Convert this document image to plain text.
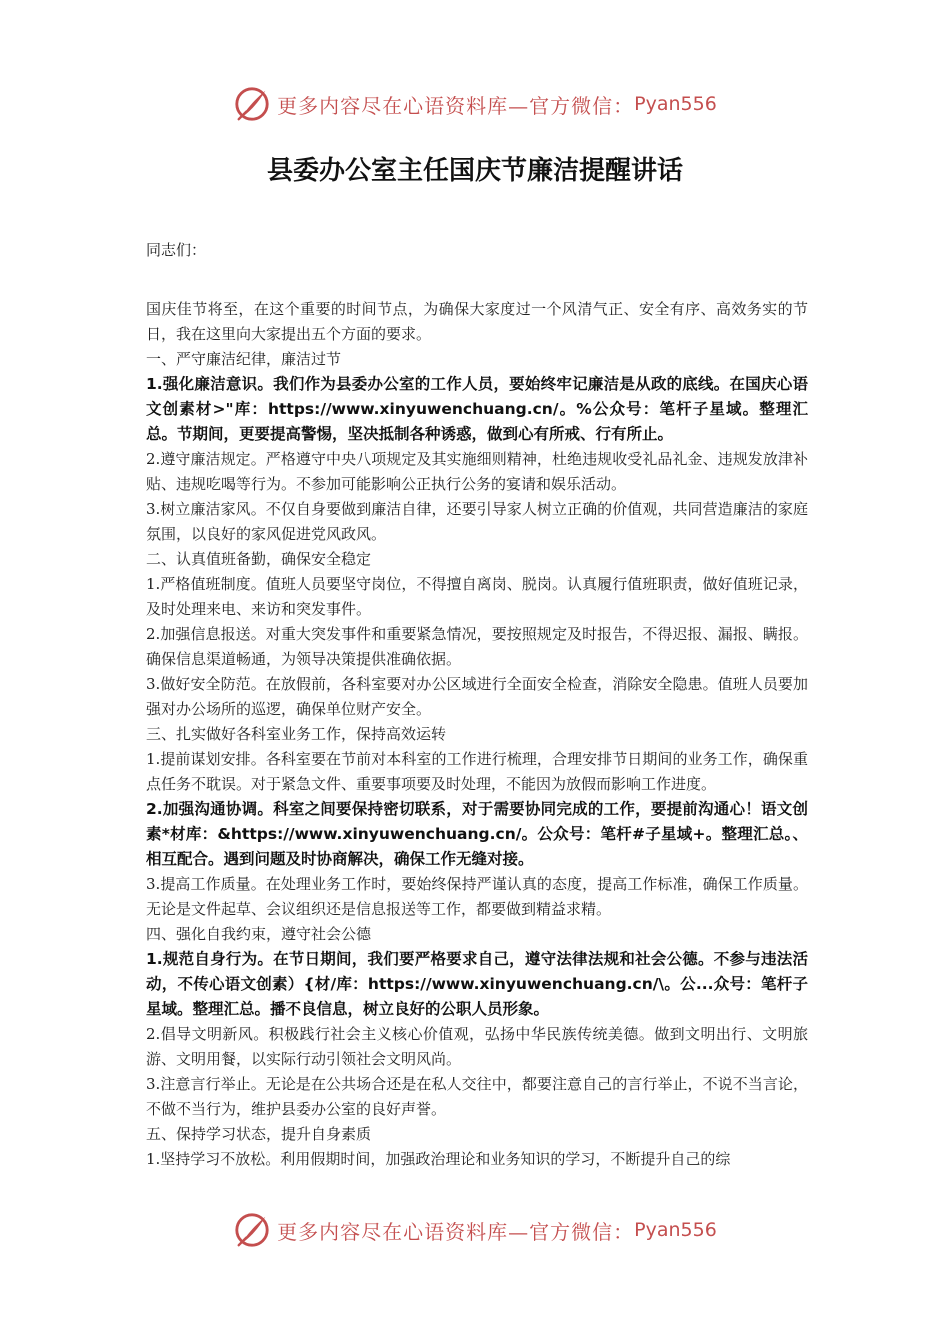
更多内容尽在心语资料库—官方微信： Pyan556
县委办公室主任国庆节廉洁提醒讲话

同志们：

国庆佳节将至，在这个重要的时间节点，为确保大家度过一个风清气正、安全有序、高效务实的节日，我在这里向大家提出五个方面的要求。

一、严守廉洁纪律，廉洁过节

1.强化廉洁意识。我们作为县委办公室的工作人员，要始终牢记廉洁是从政的底线。在国庆心语文创素材>"库：https://www.xinyuwenchuang.cn/。%公众号：笔杆子星域。整理汇总。节期间，更要提高警惕，坚决抵制各种诱惑，做到心有所戒、行有所止。

2.遵守廉洁规定。严格遵守中央八项规定及其实施细则精神，杜绝违规收受礼品礼金、违规发放津补贴、违规吃喝等行为。不参加可能影响公正执行公务的宴请和娱乐活动。

3.树立廉洁家风。不仅自身要做到廉洁自律，还要引导家人树立正确的价值观，共同营造廉洁的家庭氛围，以良好的家风促进党风政风。

二、认真值班备勤，确保安全稳定

1.严格值班制度。值班人员要坚守岗位，不得擅自离岗、脱岗。认真履行值班职责，做好值班记录，及时处理来电、来访和突发事件。

2.加强信息报送。对重大突发事件和重要紧急情况，要按照规定及时报告，不得迟报、漏报、瞒报。确保信息渠道畅通，为领导决策提供准确依据。

3.做好安全防范。在放假前，各科室要对办公区域进行全面安全检查，消除安全隐患。值班人员要加强对办公场所的巡逻，确保单位财产安全。

三、扎实做好各科室业务工作，保持高效运转

1.提前谋划安排。各科室要在节前对本科室的工作进行梳理，合理安排节日期间的业务工作，确保重点任务不耽误。对于紧急文件、重要事项要及时处理，不能因为放假而影响工作进度。

2.加强沟通协调。科室之间要保持密切联系，对于需要协同完成的工作，要提前沟通心！语文创素*材库：&https://www.xinyuwenchuang.cn/。公众号：笔杆#子星域+。整理汇总。、相互配合。遇到问题及时协商解决，确保工作无缝对接。

3.提高工作质量。在处理业务工作时，要始终保持严谨认真的态度，提高工作标准，确保工作质量。无论是文件起草、会议组织还是信息报送等工作，都要做到精益求精。

四、强化自我约束，遵守社会公德

1.规范自身行为。在节日期间，我们要严格要求自己，遵守法律法规和社会公德。不参与违法活动，不传心语文创素）{材/库：https://www.xinyuwenchuang.cn/\。公...众号：笔杆子星域。整理汇总。播不良信息，树立良好的公职人员形象。

2.倡导文明新风。积极践行社会主义核心价值观，弘扬中华民族传统美德。做到文明出行、文明旅游、文明用餐，以实际行动引领社会文明风尚。

3.注意言行举止。无论是在公共场合还是在私人交往中，都要注意自己的言行举止，不说不当言论，不做不当行为，维护县委办公室的良好声誉。

五、保持学习状态，提升自身素质

1.坚持学习不放松。利用假期时间，加强政治理论和业务知识的学习，不断提升自己的综

更多内容尽在心语资料库—官方微信： Pyan556
